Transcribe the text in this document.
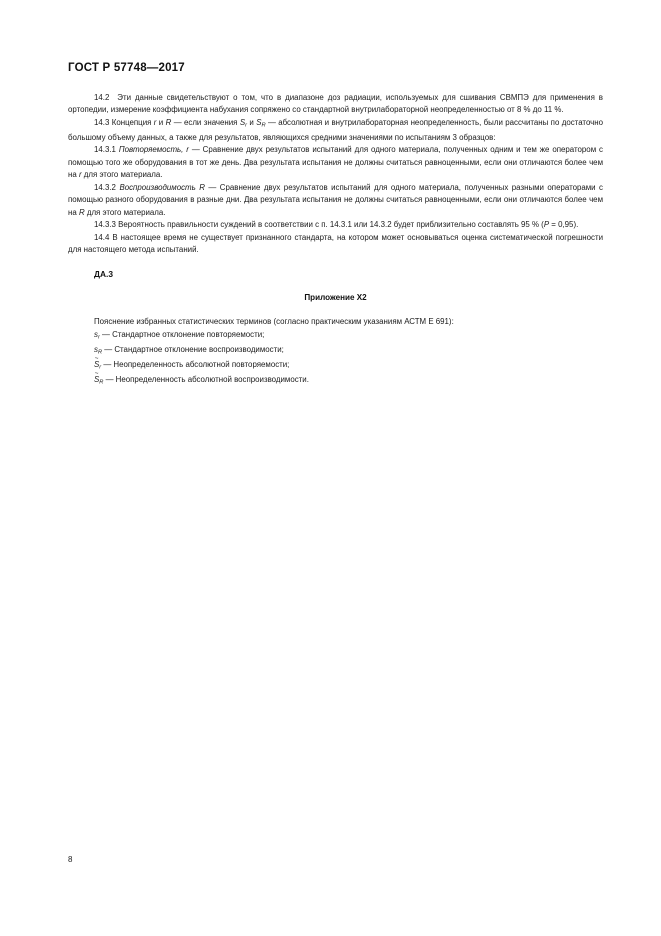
ГОСТ Р 57748—2017

14.2 Эти данные свидетельствуют о том, что в диапазоне доз радиации, используемых для сшивания СВМПЭ для применения в ортопедии, измерение коэффициента набухания сопряжено со стандартной внутрилабораторной неопределенностью от 8 % до 11 %.

14.3 Концепция r и R — если значения $S_r$ и $S_R$ — абсолютная и внутрилабораторная неопределенность, были рассчитаны по достаточно большому объему данных, а также для результатов, являющихся средними значениями по испытаниям 3 образцов:

14.3.1 Повторяемость, r — Сравнение двух результатов испытаний для одного материала, полученных одним и тем же оператором с помощью того же оборудования в тот же день. Два результата испытания не должны считаться равноценными, если они отличаются более чем на r для этого материала.

14.3.2 Воспроизводимость R — Сравнение двух результатов испытаний для одного материала, полученных разными операторами с помощью разного оборудования в разные дни. Два результата испытания не должны считаться равноценными, если они отличаются более чем на R для этого материала.

14.3.3 Вероятность правильности суждений в соответствии с п. 14.3.1 или 14.3.2 будет приблизительно составлять 95 % (P = 0,95).

14.4 В настоящее время не существует признанного стандарта, на котором может основываться оценка систематической погрешности для настоящего метода испытаний.

ДА.3

Приложение Х2

Пояснение избранных статистических терминов (согласно практическим указаниям АСТМ Е 691):

$s_r$ — Стандартное отклонение повторяемости;
$s_R$ — Стандартное отклонение воспроизводимости;
~
$S_r$ — Неопределенность абсолютной повторяемости;
~
$S_R$ — Неопределенность абсолютной воспроизводимости.
8
